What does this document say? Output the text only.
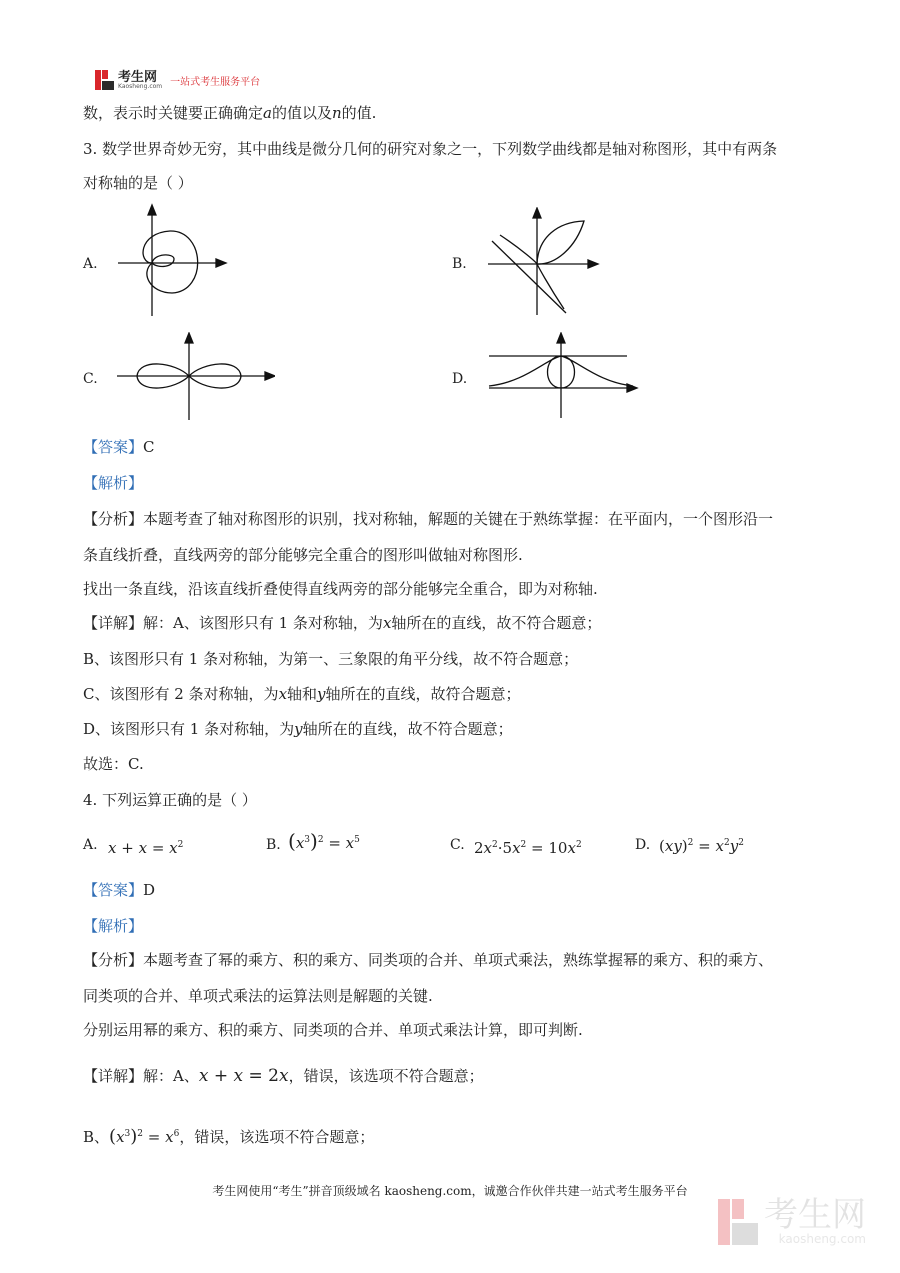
考生网
Kaosheng.com 一站式考生服务平台
数，表示时关键要正确确定a的值以及n的值.
3. 数学世界奇妙无穷，其中曲线是微分几何的研究对象之一，下列数学曲线都是轴对称图形，其中有两条
对称轴的是（ ）
A.	B.
C.	D.
【答案】C
【解析】
【分析】本题考查了轴对称图形的识别，找对称轴，解题的关键在于熟练掌握：在平面内，一个图形沿一
条直线折叠，直线两旁的部分能够完全重合的图形叫做轴对称图形.
找出一条直线，沿该直线折叠使得直线两旁的部分能够完全重合，即为对称轴.
【详解】解：A、该图形只有 1 条对称轴，为x轴所在的直线，故不符合题意；
B、该图形只有 1 条对称轴，为第一、三象限的角平分线，故不符合题意；
C、该图形有 2 条对称轴，为x轴和y轴所在的直线，故符合题意；
D、该图形只有 1 条对称轴，为y轴所在的直线，故不符合题意；
故选：C.
4. 下列运算正确的是（ ）
A. $x + x = x^2$	B. $(x^3)^2 = x^5$	C. $2x^2\cdot 5x^2 = 10x^2$	D. $(xy)^2 = x^2y^2$
【答案】D
【解析】
【分析】本题考查了幂的乘方、积的乘方、同类项的合并、单项式乘法，熟练掌握幂的乘方、积的乘方、
同类项的合并、单项式乘法的运算法则是解题的关键.
分别运用幂的乘方、积的乘方、同类项的合并、单项式乘法计算，即可判断.
【详解】解：A、x + x = 2x，错误，该选项不符合题意；
B、$(x^3)^2 = x^6$，错误，该选项不符合题意；
考生网使用“考生”拼音顶级域名 kaosheng.com，诚邀合作伙伴共建一站式考生服务平台
考生网
kaosheng.com
